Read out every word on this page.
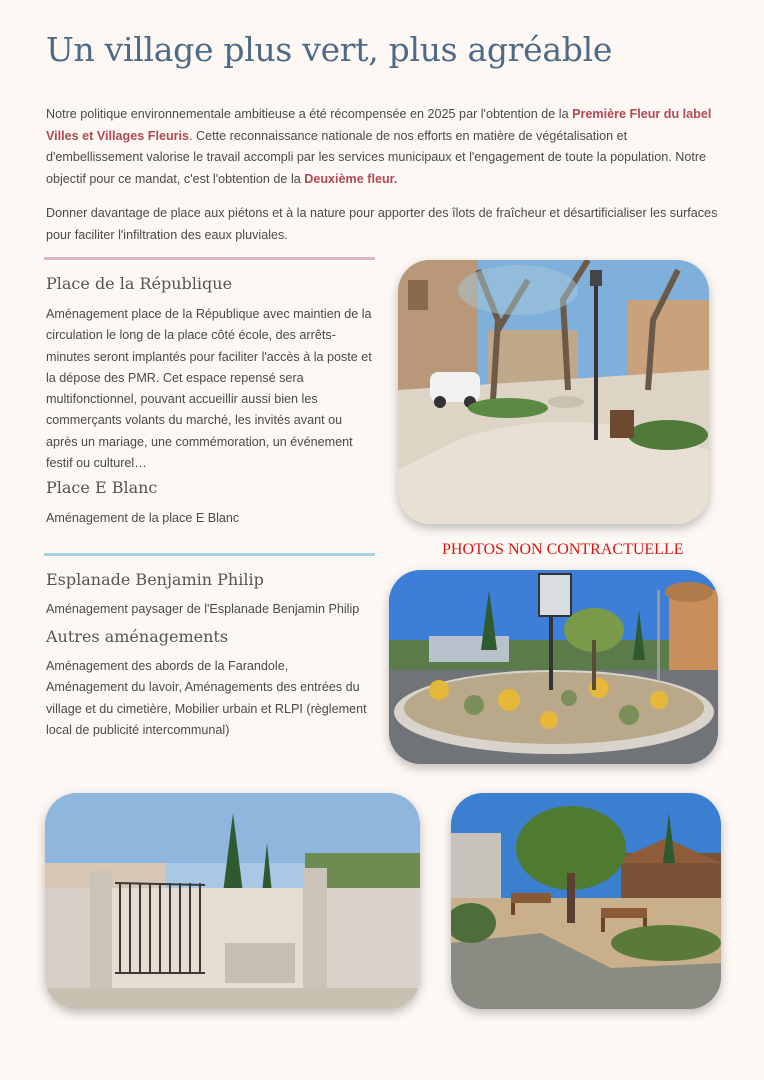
Un village plus vert, plus agréable

Notre politique environnementale ambitieuse a été récompensée en 2025 par l'obtention de la Première Fleur du label Villes et Villages Fleuris. Cette reconnaissance nationale de nos efforts en matière de végétalisation et d'embellissement valorise le travail accompli par les services municipaux et l'engagement de toute la population. Notre objectif pour ce mandat, c'est l'obtention de la Deuxième fleur.

Donner davantage de place aux piétons et à la nature pour apporter des îlots de fraîcheur et désartificialiser les surfaces pour faciliter l'infiltration des eaux pluviales.

Place de la République

Aménagement place de la République avec maintien de la circulation le long de la place côté école, des arrêts-minutes seront implantés pour faciliter l'accès à la poste et la dépose des PMR. Cet espace repensé sera multifonctionnel, pouvant accueillir aussi bien les commerçants volants du marché, les invités avant ou après un mariage, une commémoration, un événement festif ou culturel…

Place E Blanc

Aménagement de la place E Blanc

Esplanade Benjamin Philip

Aménagement paysager de l'Esplanade Benjamin Philip

Autres aménagements

Aménagement des abords de la Farandole, Aménagement du lavoir, Aménagements des entrées du village et du cimetière, Mobilier urbain et RLPI (règlement local de publicité intercommunal)

PHOTOS NON CONTRACTUELLE
